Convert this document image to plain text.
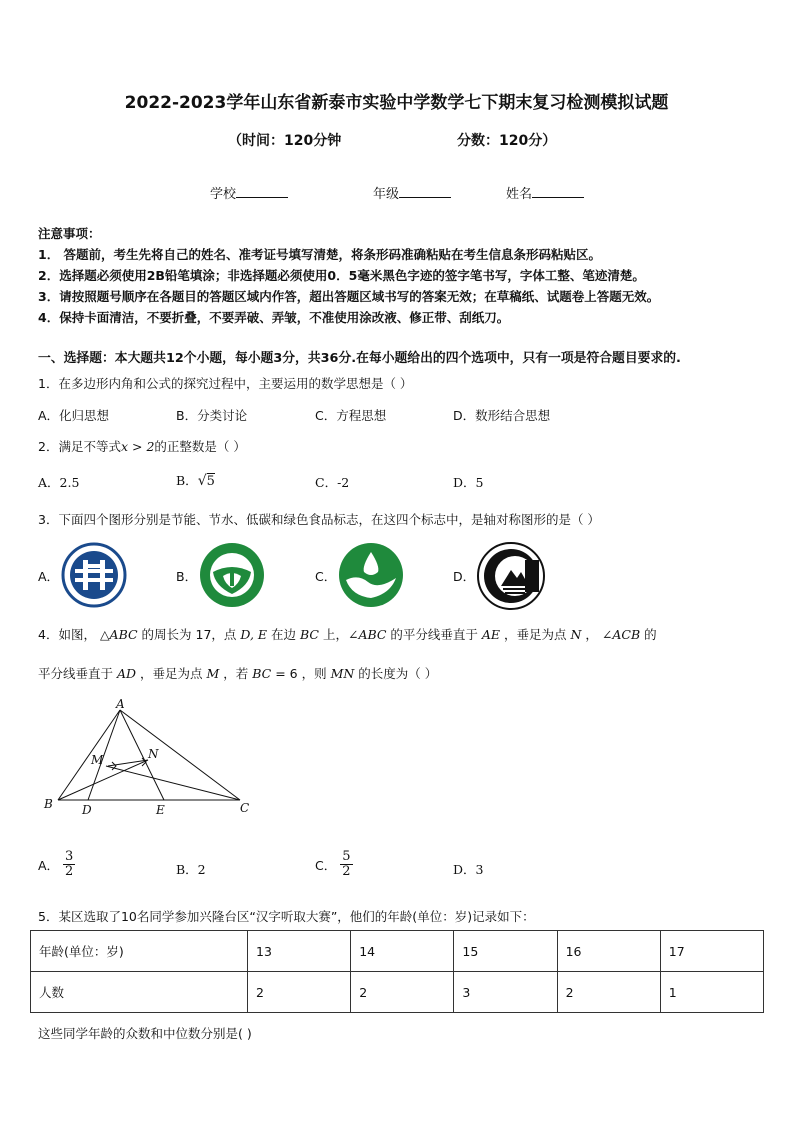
2022-2023学年山东省新泰市实验中学数学七下期末复习检测模拟试题
（时间：120分钟	分数：120分）
学校	年级	姓名
注意事项：
1． 答题前，考生先将自己的姓名、准考证号填写清楚，将条形码准确粘贴在考生信息条形码粘贴区。
2．选择题必须使用2B铅笔填涂；非选择题必须使用0．5毫米黑色字迹的签字笔书写，字体工整、笔迹清楚。
3．请按照题号顺序在各题目的答题区域内作答，超出答题区域书写的答案无效；在草稿纸、试题卷上答题无效。
4．保持卡面清洁，不要折叠，不要弄破、弄皱，不准使用涂改液、修正带、刮纸刀。
一、选择题：本大题共12个小题，每小题3分，共36分.在每小题给出的四个选项中，只有一项是符合题目要求的.
1．在多边形内角和公式的探究过程中，主要运用的数学思想是（ ）
A．化归思想	B．分类讨论	C．方程思想	D．数形结合思想
2．满足不等式x > 2的正整数是（ ）
A．2.5	B．√5	C．-2	D．5
3．下面四个图形分别是节能、节水、低碳和绿色食品标志，在这四个标志中，是轴对称图形的是（ ）
A．	B．	C．	D．
4．如图， △ABC 的周长为 17，点 D, E 在边 BC 上，∠ABC 的平分线垂直于 AE ，垂足为点 N ， ∠ACB 的
平分线垂直于 AD ，垂足为点 M ，若 BC = 6 ，则 MN 的长度为（ ）
A
B	C
D	E
M	N
A． $\frac{3}{2}$	B．2	C． $\frac{5}{2}$	D．3
5．某区选取了10名同学参加兴隆台区“汉字听取大赛”，他们的年龄(单位：岁)记录如下：
年龄(单位：岁)	13	14	15	16	17
人数	2	2	3	2	1
这些同学年龄的众数和中位数分别是( )
